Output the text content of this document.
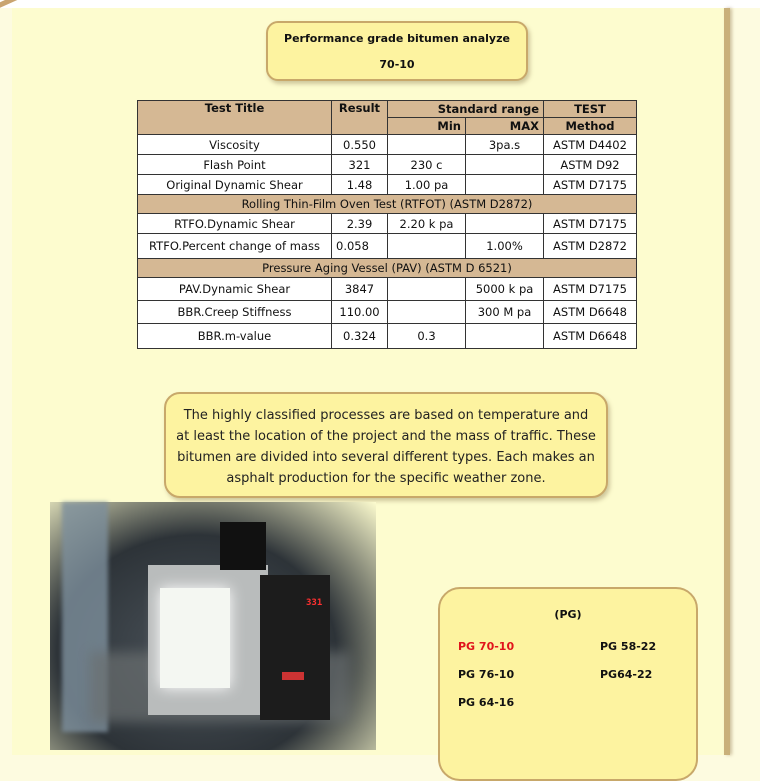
Performance grade bitumen analyze
70-10
Test Title	Result	Standard range		TEST
		Min	MAX	Method
Viscosity	0.550		3pa.s	ASTM D4402
Flash Point	321	230 c		ASTM D92
Original Dynamic Shear	1.48	1.00 pa		ASTM D7175
Rolling Thin-Film Oven Test (RTFOT) (ASTM D2872)				
RTFO.Dynamic Shear	2.39	2.20 k pa		ASTM D7175
RTFO.Percent change of mass	0.058		1.00%	ASTM D2872
Pressure Aging Vessel (PAV) (ASTM D 6521)				
PAV.Dynamic Shear	3847		5000 k pa	ASTM D7175
BBR.Creep Stiffness	110.00		300 M pa	ASTM D6648
BBR.m-value	0.324	0.3		ASTM D6648

The highly classified processes are based on temperature and at least the location of the project and the mass of traffic. These bitumen are divided into several different types. Each makes an asphalt production for the specific weather zone.

331
(PG)
PG 70-10	PG 58-22
PG 76-10	PG64-22
PG 64-16
